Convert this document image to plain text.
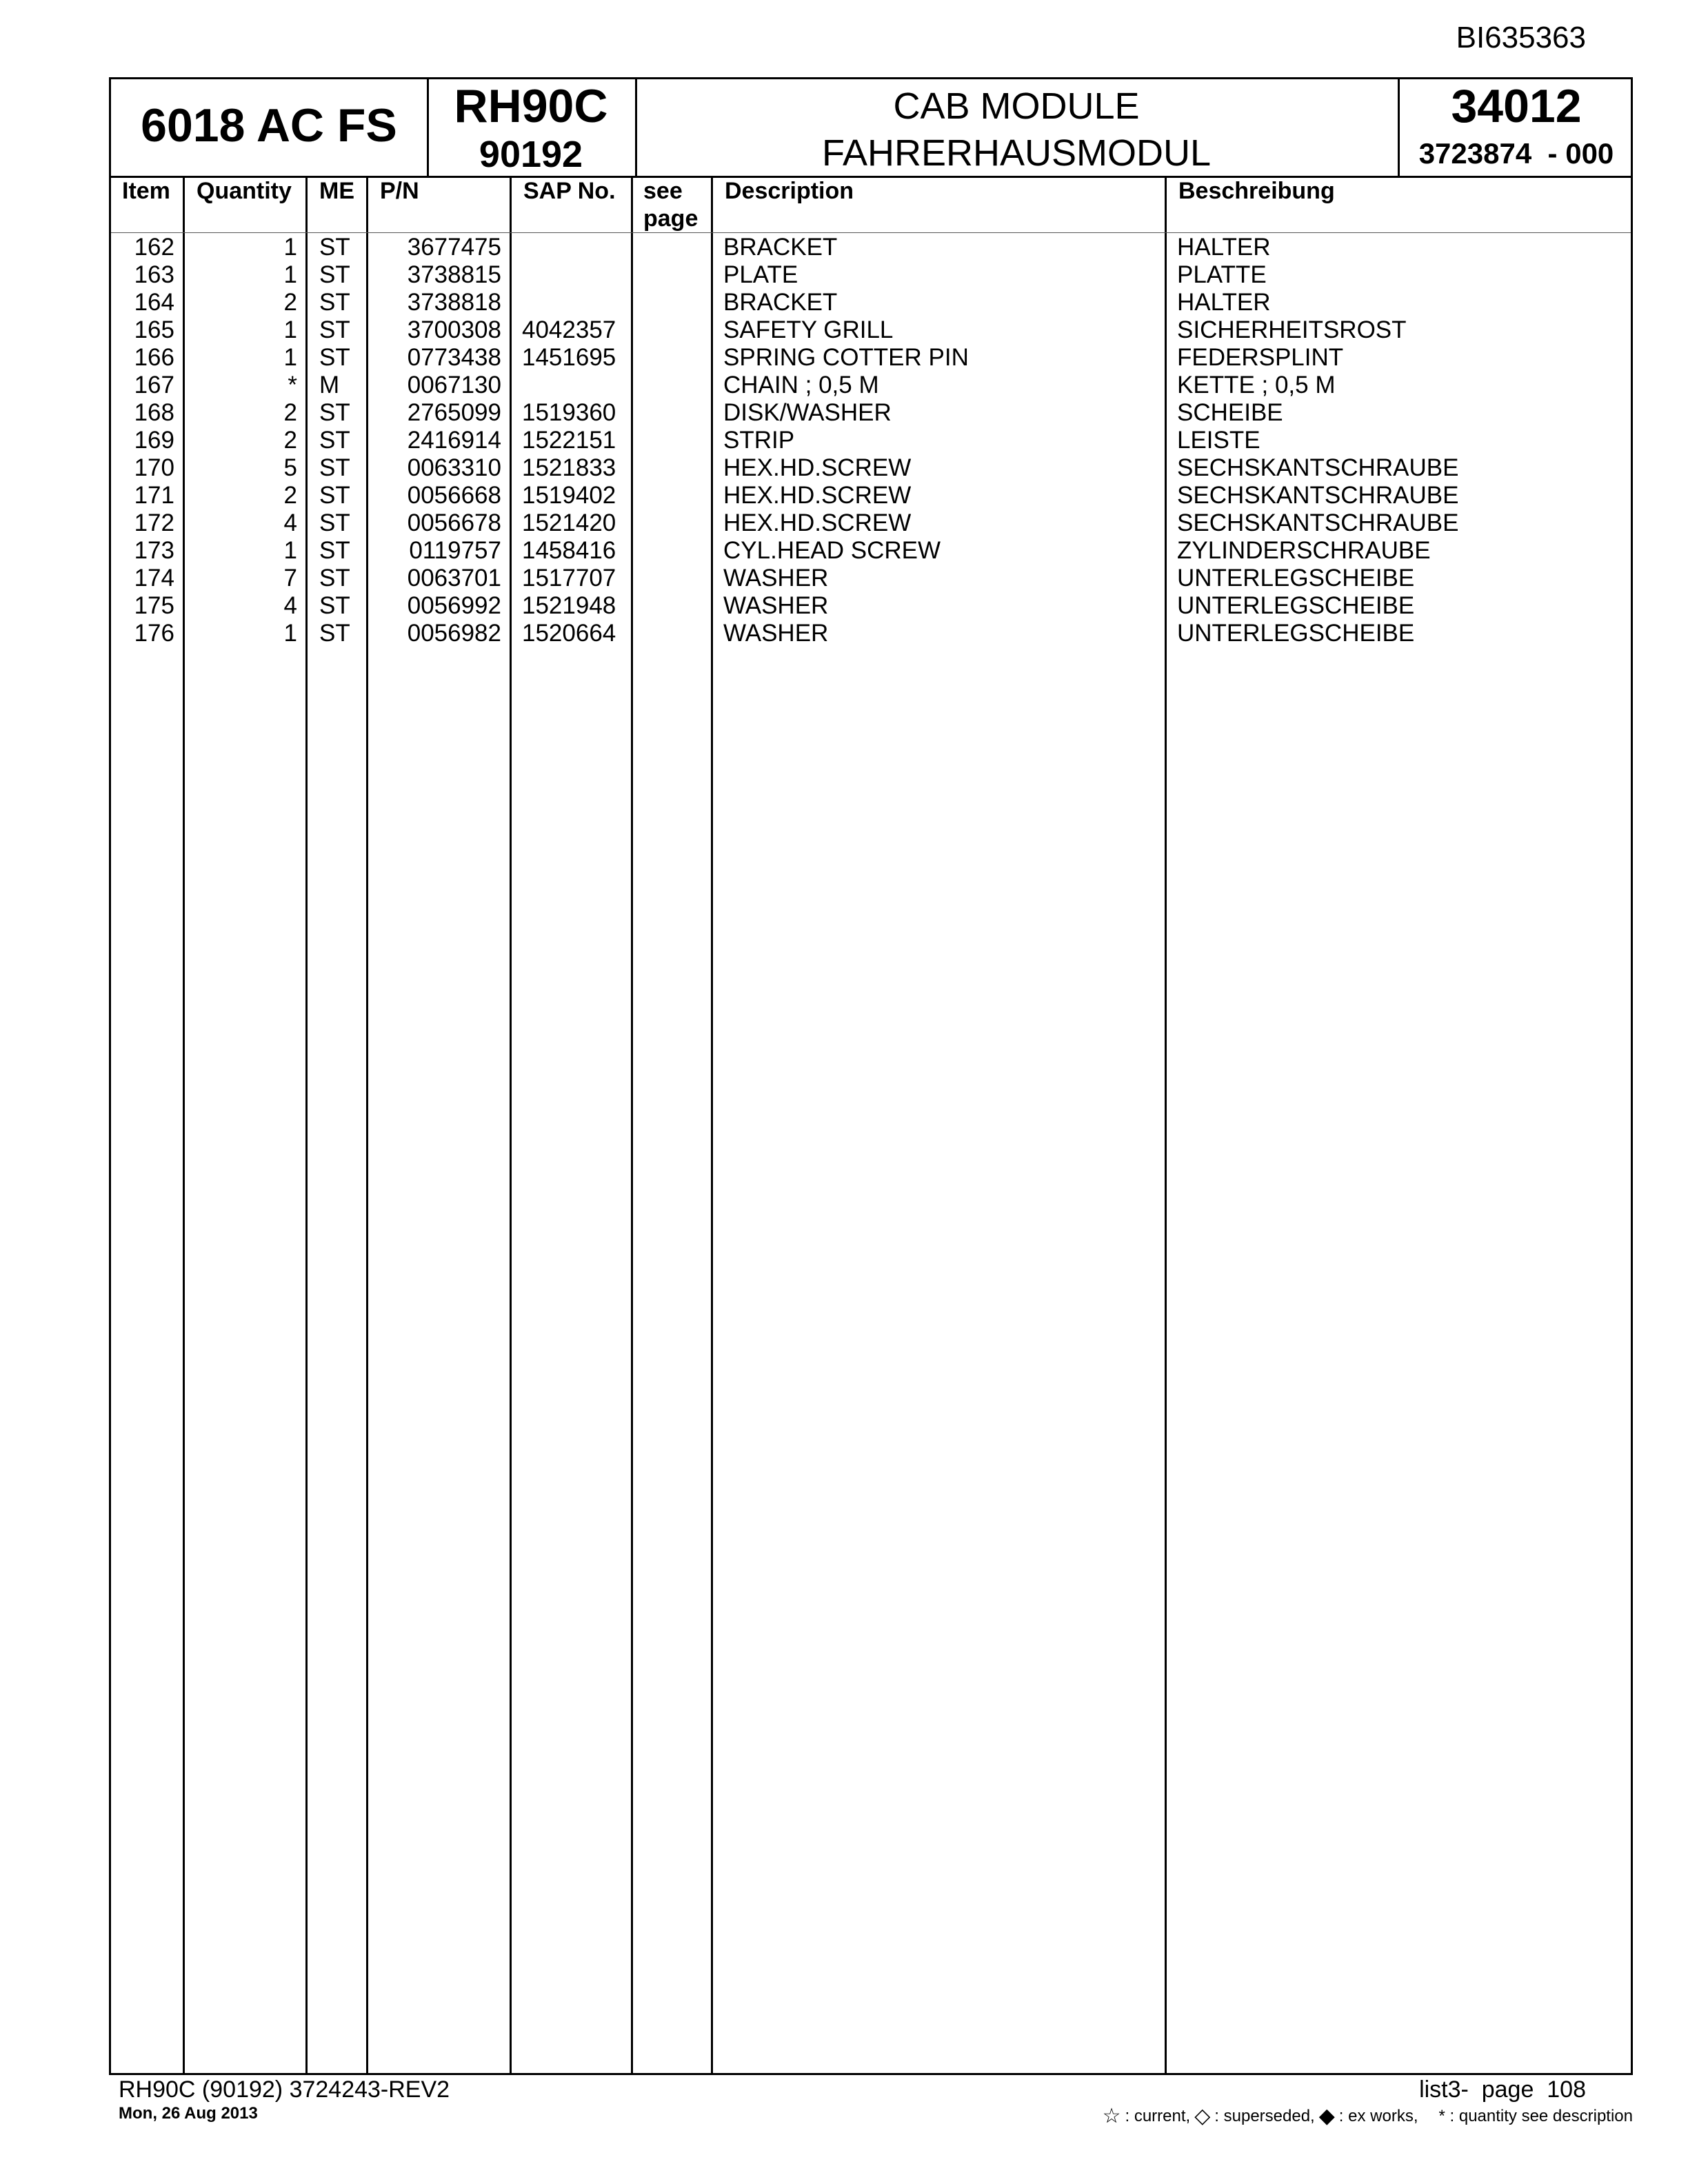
BI635363
6018 AC FS	RH90C
90192
CAB MODULE
FAHRERHAUSMODUL
34012
3723874  - 000
Item Quantity ME P/N	SAP No. see
page
Description	Beschreibung
162	1 ST	3677475	BRACKET	HALTER
163	1 ST	3738815	PLATE	PLATTE
164	2 ST	3738818	BRACKET	HALTER
165	1 ST	3700308 4042357	SAFETY GRILL	SICHERHEITSROST
166	1 ST	0773438 1451695	SPRING COTTER PIN	FEDERSPLINT
167	* M	0067130	CHAIN ; 0,5 M	KETTE ; 0,5 M
168	2 ST	2765099 1519360	DISK/WASHER	SCHEIBE
169	2 ST	2416914 1522151	STRIP	LEISTE
170	5 ST	0063310 1521833	HEX.HD.SCREW	SECHSKANTSCHRAUBE
171	2 ST	0056668 1519402	HEX.HD.SCREW	SECHSKANTSCHRAUBE
172	4 ST	0056678 1521420	HEX.HD.SCREW	SECHSKANTSCHRAUBE
173	1 ST	0119757 1458416	CYL.HEAD SCREW	ZYLINDERSCHRAUBE
174	7 ST	0063701 1517707	WASHER	UNTERLEGSCHEIBE
175	4 ST	0056992 1521948	WASHER	UNTERLEGSCHEIBE
176	1 ST	0056982 1520664	WASHER	UNTERLEGSCHEIBE
RH90C (90192) 3724243-REV2
Mon, 26 Aug 2013
list3-  page  108
☆ : current, ◇ : superseded, ◆ : ex works, * : quantity see description
